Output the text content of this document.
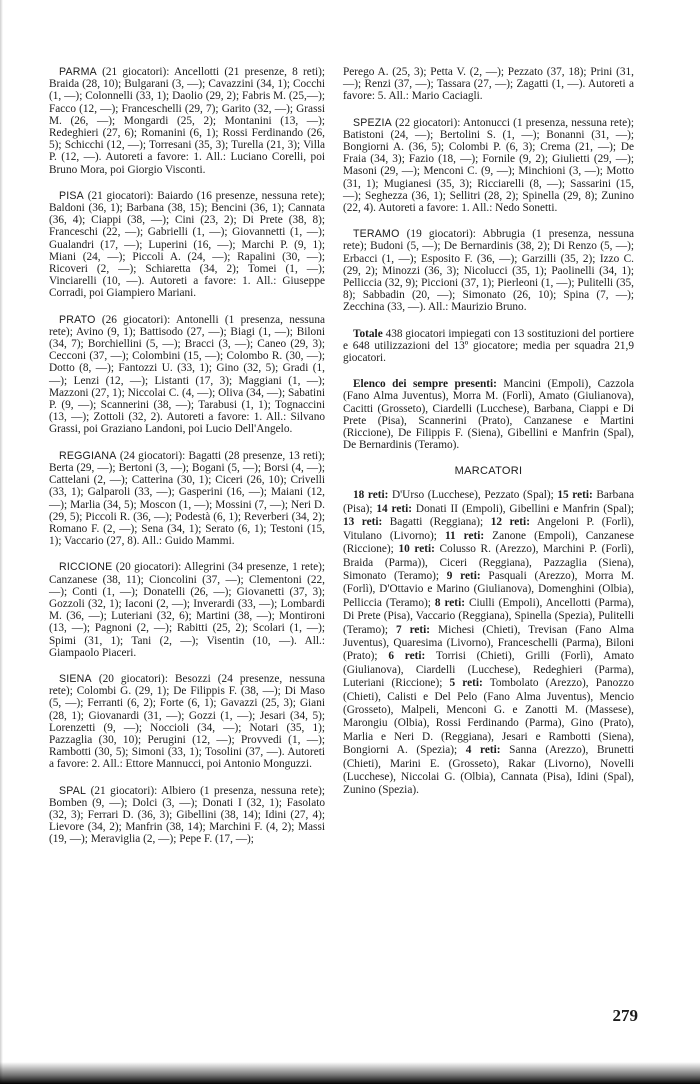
PARMA (21 giocatori): Ancellotti (21 presenze, 8 reti); Braida (28, 10); Bulgarani (3, —); Cavazzini (34, 1); Cocchi (1, —); Colonnelli (33, 1); Daolio (29, 2); Fabris M. (25,—); Facco (12, —); Franceschelli (29, 7); Garito (32, —); Grassi M. (26, —); Mongardi (25, 2); Montanini (13, —); Redeghieri (27, 6); Romanini (6, 1); Rossi Ferdinando (26, 5); Schicchi (12, —); Torresani (35, 3); Turella (21, 3); Villa P. (12, —). Autoreti a favore: 1. All.: Luciano Corelli, poi Bruno Mora, poi Giorgio Visconti.

PISA (21 giocatori): Baiardo (16 presenze, nessuna rete); Baldoni (36, 1); Barbana (38, 15); Bencini (36, 1); Cannata (36, 4); Ciappi (38, —); Cini (23, 2); Di Prete (38, 8); Franceschi (22, —); Gabrielli (1, —); Giovannetti (1, —); Gualandri (17, —); Luperini (16, —); Marchi P. (9, 1); Miani (24, —); Piccoli A. (24, —); Rapalini (30, —); Ricoveri (2, —); Schiaretta (34, 2); Tomei (1, —); Vinciarelli (10, —). Autoreti a favore: 1. All.: Giuseppe Corradi, poi Giampiero Mariani.

PRATO (26 giocatori): Antonelli (1 presenza, nessuna rete); Avino (9, 1); Battisodo (27, —); Biagi (1, —); Biloni (34, 7); Borchiellini (5, —); Bracci (3, —); Caneo (29, 3); Cecconi (37, —); Colombini (15, —); Colombo R. (30, —); Dotto (8, —); Fantozzi U. (33, 1); Gino (32, 5); Gradi (1, —); Lenzi (12, —); Listanti (17, 3); Maggiani (1, —); Mazzoni (27, 1); Niccolai C. (4, —); Oliva (34, —); Sabatini P. (9, —); Scannerini (38, —); Tarabusi (1, 1); Tognaccini (13, —); Zottoli (32, 2). Autoreti a favore: 1. All.: Silvano Grassi, poi Graziano Landoni, poi Lucio Dell'Angelo.

REGGIANA (24 giocatori): Bagatti (28 presenze, 13 reti); Berta (29, —); Bertoni (3, —); Bogani (5, —); Borsi (4, —); Cattelani (2, —); Catterina (30, 1); Ciceri (26, 10); Crivelli (33, 1); Galparoli (33, —); Gasperini (16, —); Maiani (12, —); Marlia (34, 5); Moscon (1, —); Mossini (7, —); Neri D. (29, 5); Piccoli R. (36, —); Podestà (6, 1); Reverberi (34, 2); Romano F. (2, —); Sena (34, 1); Serato (6, 1); Testoni (15, 1); Vaccario (27, 8). All.: Guido Mammi.

RICCIONE (20 giocatori): Allegrini (34 presenze, 1 rete); Canzanese (38, 11); Cioncolini (37, —); Clementoni (22, —); Conti (1, —); Donatelli (26, —); Giovanetti (37, 3); Gozzoli (32, 1); Iaconi (2, —); Inverardi (33, —); Lombardi M. (36, —); Luteriani (32, 6); Martini (38, —); Montironi (13, —); Pagnoni (2, —); Rabitti (25, 2); Scolari (1, —); Spimi (31, 1); Tani (2, —); Visentin (10, —). All.: Giampaolo Piaceri.

SIENA (20 giocatori): Besozzi (24 presenze, nessuna rete); Colombi G. (29, 1); De Filippis F. (38, —); Di Maso (5, —); Ferranti (6, 2); Forte (6, 1); Gavazzi (25, 3); Giani (28, 1); Giovanardi (31, —); Gozzi (1, —); Jesari (34, 5); Lorenzetti (9, —); Noccioli (34, —); Notari (35, 1); Pazzaglia (30, 10); Perugini (12, —); Provvedi (1, —); Rambotti (30, 5); Simoni (33, 1); Tosolini (37, —). Autoreti a favore: 2. All.: Ettore Mannucci, poi Antonio Monguzzi.

SPAL (21 giocatori): Albiero (1 presenza, nessuna rete); Bomben (9, —); Dolci (3, —); Donati I (32, 1); Fasolato (32, 3); Ferrari D. (36, 3); Gibellini (38, 14); Idini (27, 4); Lievore (34, 2); Manfrin (38, 14); Marchini F. (4, 2); Massi (19, —); Meraviglia (2, —); Pepe F. (17, —);

Perego A. (25, 3); Petta V. (2, —); Pezzato (37, 18); Prini (31, —); Renzi (37, —); Tassara (27, —); Zagatti (1, —). Autoreti a favore: 5. All.: Mario Caciagli.

SPEZIA (22 giocatori): Antonucci (1 presenza, nessuna rete); Batistoni (24, —); Bertolini S. (1, —); Bonanni (31, —); Bongiorni A. (36, 5); Colombi P. (6, 3); Crema (21, —); De Fraia (34, 3); Fazio (18, —); Fornile (9, 2); Giulietti (29, —); Masoni (29, —); Menconi C. (9, —); Minchioni (3, —); Motto (31, 1); Mugianesi (35, 3); Ricciarelli (8, —); Sassarini (15, —); Seghezza (36, 1); Sellitri (28, 2); Spinella (29, 8); Zunino (22, 4). Autoreti a favore: 1. All.: Nedo Sonetti.

TERAMO (19 giocatori): Abbrugia (1 presenza, nessuna rete); Budoni (5, —); De Bernardinis (38, 2); Di Renzo (5, —); Erbacci (1, —); Esposito F. (36, —); Garzilli (35, 2); Izzo C. (29, 2); Minozzi (36, 3); Nicolucci (35, 1); Paolinelli (34, 1); Pelliccia (32, 9); Piccioni (37, 1); Pierleoni (1, —); Pulitelli (35, 8); Sabbadin (20, —); Simonato (26, 10); Spina (7, —); Zecchina (33, —). All.: Maurizio Bruno.

Totale 438 giocatori impiegati con 13 sostituzioni del portiere e 648 utilizzazioni del 13º giocatore; media per squadra 21,9 giocatori.

Elenco dei sempre presenti: Mancini (Empoli), Cazzola (Fano Alma Juventus), Morra M. (Forlì), Amato (Giulianova), Cacitti (Grosseto), Ciardelli (Lucchese), Barbana, Ciappi e Di Prete (Pisa), Scannerini (Prato), Canzanese e Martini (Riccione), De Filippis F. (Siena), Gibellini e Manfrin (Spal), De Bernardinis (Teramo).

MARCATORI

18 reti: D'Urso (Lucchese), Pezzato (Spal); 15 reti: Barbana (Pisa); 14 reti: Donati II (Empoli), Gibellini e Manfrin (Spal); 13 reti: Bagatti (Reggiana); 12 reti: Angeloni P. (Forlì), Vitulano (Livorno); 11 reti: Zanone (Empoli), Canzanese (Riccione); 10 reti: Colusso R. (Arezzo), Marchini P. (Forlì), Braida (Parma)), Ciceri (Reggiana), Pazzaglia (Siena), Simonato (Teramo); 9 reti: Pasquali (Arezzo), Morra M. (Forlì), D'Ottavio e Marino (Giulianova), Domenghini (Olbia), Pelliccia (Teramo); 8 reti: Ciulli (Empoli), Ancellotti (Parma), Di Prete (Pisa), Vaccario (Reggiana), Spinella (Spezia), Pulitelli (Teramo); 7 reti: Michesi (Chieti), Trevisan (Fano Alma Juventus), Quaresima (Livorno), Franceschelli (Parma), Biloni (Prato); 6 reti: Torrisi (Chieti), Grilli (Forlì), Amato (Giulianova), Ciardelli (Lucchese), Redeghieri (Parma), Luteriani (Riccione); 5 reti: Tombolato (Arezzo), Panozzo (Chieti), Calisti e Del Pelo (Fano Alma Juventus), Mencio (Grosseto), Malpeli, Menconi G. e Zanotti M. (Massese), Marongiu (Olbia), Rossi Ferdinando (Parma), Gino (Prato), Marlia e Neri D. (Reggiana), Jesari e Rambotti (Siena), Bongiorni A. (Spezia); 4 reti: Sanna (Arezzo), Brunetti (Chieti), Marini E. (Grosseto), Rakar (Livorno), Novelli (Lucchese), Niccolai G. (Olbia), Cannata (Pisa), Idini (Spal), Zunino (Spezia).

279
